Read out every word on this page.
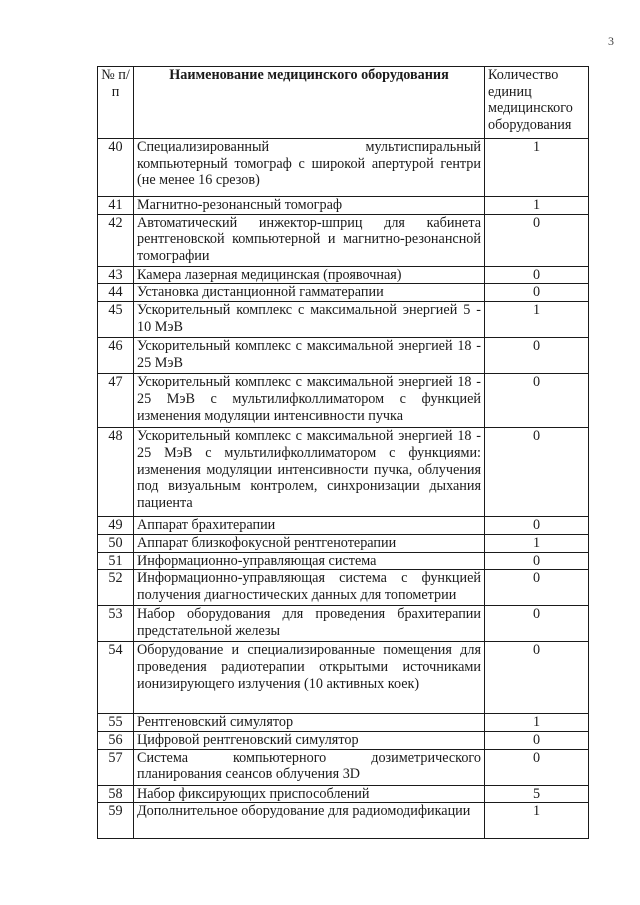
3
№ п/п	Наименование медицинского оборудования	Количество единиц медицинского оборудования
40	Специализированный мультиспиральный компьютерный томограф с широкой апертурой гентри (не менее 16 срезов)	1
41	Магнитно-резонансный томограф	1
42	Автоматический инжектор-шприц для кабинета рентгеновской компьютерной и магнитно-резонансной томографии	0
43	Камера лазерная медицинская (проявочная)	0
44	Установка дистанционной гамматерапии	0
45	Ускорительный комплекс с максимальной энергией 5 - 10 МэВ	1
46	Ускорительный комплекс с максимальной энергией 18 - 25 МэВ	0
47	Ускорительный комплекс с максимальной энергией 18 - 25 МэВ с мультилифколлиматором с функцией изменения модуляции интенсивности пучка	0
48	Ускорительный комплекс с максимальной энергией 18 - 25 МэВ с мультилифколлиматором с функциями: изменения модуляции интенсивности пучка, облучения под визуальным контролем, синхронизации дыхания пациента	0
49	Аппарат брахитерапии	0
50	Аппарат близкофокусной рентгенотерапии	1
51	Информационно-управляющая система	0
52	Информационно-управляющая система с функцией получения диагностических данных для топометрии	0
53	Набор оборудования для проведения брахитерапии предстательной железы	0
54	Оборудование и специализированные помещения для проведения радиотерапии открытыми источниками ионизирующего излучения (10 активных коек)	0
55	Рентгеновский симулятор	1
56	Цифровой рентгеновский симулятор	0
57	Система компьютерного дозиметрического планирования сеансов облучения 3D	0
58	Набор фиксирующих приспособлений	5
59	Дополнительное оборудование для радиомодификации	1
